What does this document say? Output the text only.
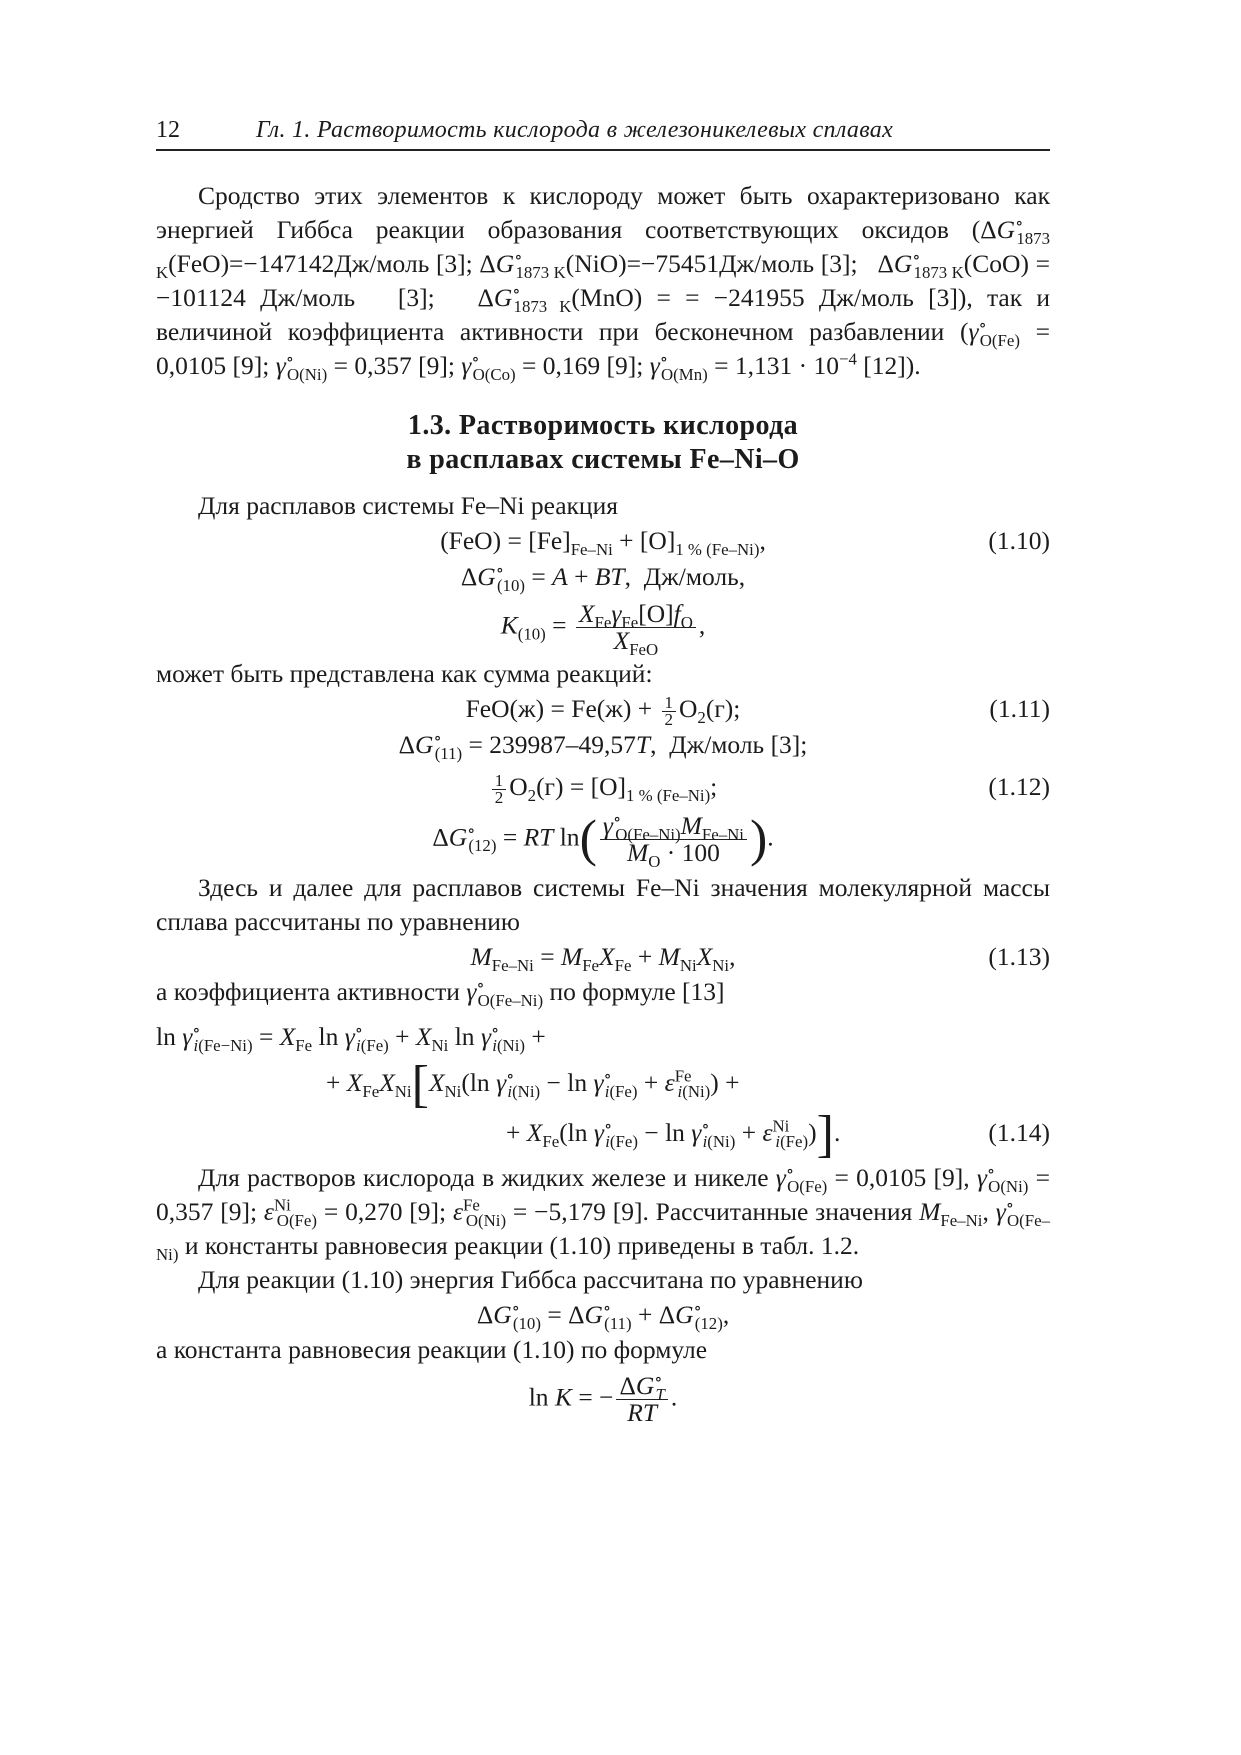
12	Гл. 1. Растворимость кислорода в железоникелевых сплавах

Сродство этих элементов к кислороду может быть охарактеризовано как энергией Гиббса реакции образования соответствующих оксидов ($\Delta G^\circ_{1873 K}(FeO)=-147142Дж$/моль [3]; $\Delta G^\circ_{1873 K}(NiO)=-75451Дж$/моль [3];   $\Delta G^\circ_{1873 K}(CoO) = -101124$ Дж/моль   [3];   $\Delta G^\circ_{1873 K}(MnO)$ = = −241955 Дж/моль [3]), так и величиной коэффициента активности при бесконечном разбавлении ($\gamma^\circ_{O(Fe)} = 0,0105$ [9]; $\gamma^\circ_{O(Ni)} = 0,357$ [9]; $\gamma^\circ_{O(Co)} = 0,169$ [9]; $\gamma^\circ_{O(Mn)} = 1,131 \cdot 10^{-4}$ [12]).

1.3. Растворимость кислорода
в расплавах системы Fe–Ni–O

Для расплавов системы Fe–Ni реакция

$(FeO) = [Fe]_{Fe-Ni} + [O]_{1 \% (Fe-Ni)}$,	(1.10)
$\Delta G^\circ_{(10)} = A$ + BT,  Дж/моль,
$K_{(10)} = \frac{X_{Fe}\gamma_{Fe}[O]f_O}{X_{FeO}}$ ,

может быть представлена как сумма реакций:

$FeO(ж) = Fe(ж) + \frac{1}{2} O_2(г)$;	(1.11)
$\Delta G^\circ_{(11)} = 239987-49,57T$,  Дж/моль [3];
$\frac{1}{2} O_2(г) = [O]_{1 \% (Fe-Ni)}$;	(1.12)
$\Delta G^\circ_{(12)}$ = RT $\ln( \frac{\gamma^\circ_{O(Fe-Ni)}M_{Fe-Ni}}{M_O \cdot 100}$ ).

Здесь и далее для расплавов системы Fe–Ni значения молекулярной массы сплава рассчитаны по уравнению

$M_{Fe-Ni} = M_{Fe}X_{Fe} + M_{Ni}X_{Ni}$,	(1.13)

а коэффициента активности $\gamma^\circ_{O(Fe-Ni)}$ по формуле [13]

$\ln \gamma^\circ_{i(Fe-Ni)} = X_{Fe}$ $\ln \gamma^\circ_{i(Fe)} + X_{Ni}$ $\ln \gamma^\circ_{i(Ni)}$ +
+ $X_{Fe}X_{Ni}[X_{Ni}(\ln$ $\gamma^\circ_{i(Ni)} - \ln \gamma^\circ_{i(Fe)} + \varepsilon^{Fe}_{i(Ni)}$) +
+ $X_{Fe}(\ln$ $\gamma^\circ_{i(Fe)} - \ln \gamma^\circ_{i(Ni)} + \varepsilon^{Ni}_{i(Fe)}$)].	(1.14)

Для растворов кислорода в жидких железе и никеле $\gamma^\circ_{O(Fe)} = 0,0105$ [9], $\gamma^\circ_{O(Ni)} = 0,357$ [9]; $\varepsilon^{Ni}_{O(Fe)} = 0,270$ [9]; $\varepsilon^{Fe}_{O(Ni)} = -5,179$ [9]. Рассчитанные значения $M_{Fe-Ni}$, $\gamma^\circ_{O(Fe-Ni)}$ и константы равновесия реакции (1.10) приведены в табл. 1.2.

Для реакции (1.10) энергия Гиббса рассчитана по уравнению

$\Delta G^\circ_{(10)} = \Delta G^\circ_{(11)} + \Delta G^\circ_{(12)}$,

а константа равновесия реакции (1.10) по формуле

ln K = − $\frac{\Delta G^\circ_T}{RT}$ .
